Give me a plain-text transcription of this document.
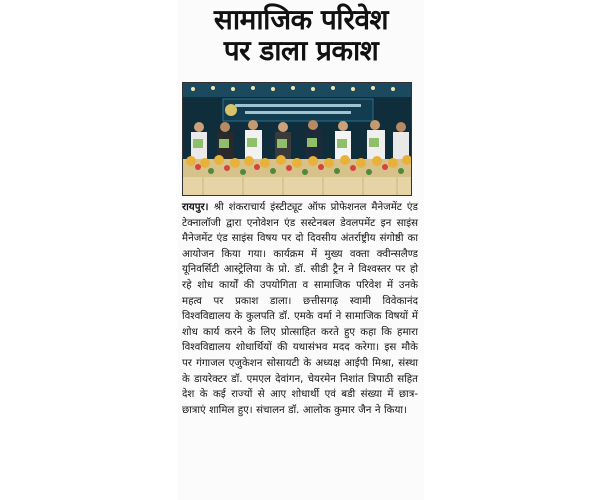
सामाजिक परिवेश
पर डाला प्रकाश
रायपुर। श्री शंकराचार्य इंस्टीट्यूट ऑफ प्रोफेशनल मैनेजमेंट एंड टेक्नालॉजी द्वारा एनोवेशन एंड सस्टेनबल डेवलपमेंट इन साइंस मैनेजमेंट एंड साइंस विषय पर दो दिवसीय अंतर्राष्ट्रीय संगोष्ठी का आयोजन किया गया। कार्यक्रम में मुख्य वक्ता क्वीन्सलैण्ड यूनिवर्सिटी आस्ट्रेलिया के प्रो. डॉ. सीडी ट्रैन ने विश्वस्तर पर हो रहे शोध कार्यों की उपयोगिता व सामाजिक परिवेश में उनके महत्व पर प्रकाश डाला। छत्तीसगढ़ स्वामी विवेकानंद विश्वविद्यालय के कुलपति डॉ. एमके वर्मा ने सामाजिक विषयों में शोध कार्य करने के लिए प्रोत्साहित करते हुए कहा कि हमारा विश्वविद्यालय शोधार्थियों की यथासंभव मदद करेगा। इस मौके पर गंगाजल एजुकेशन सोसायटी के अध्यक्ष आईपी मिश्रा, संस्था के डायरेक्टर डॉ. एमएल देवांगन, चेयरमेन निशांत त्रिपाठी सहित देश के कई राज्यों से आए शोधार्थी एवं बडी संख्या में छात्र-छात्राएं शामिल हुए। संचालन डॉ. आलोक कुमार जैन ने किया।
